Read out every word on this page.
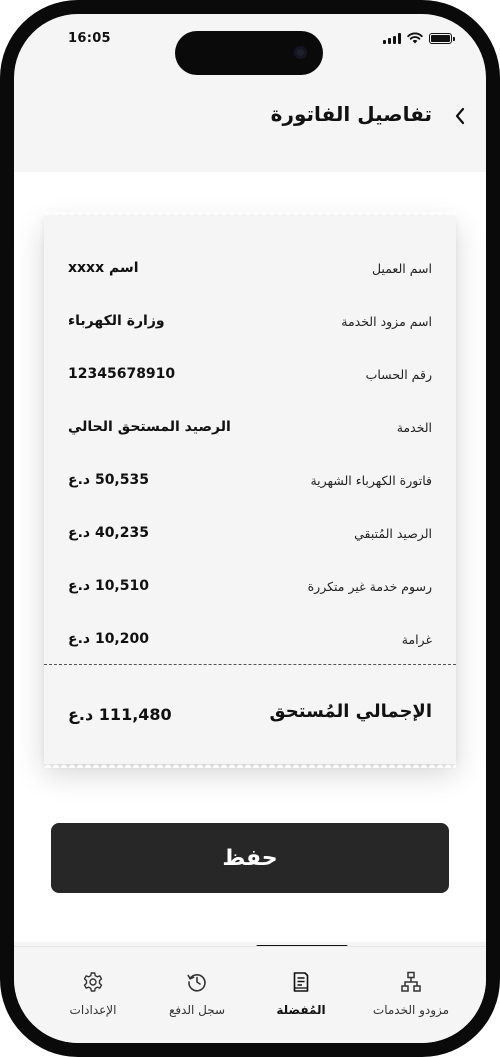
16:05
تفاصيل الفاتورة
اسم العميل
اسم xxxx
اسم مزود الخدمة
وزارة الكهرباء
رقم الحساب
12345678910
الخدمة
الرصيد المستحق الحالي
فاتورة الكهرباء الشهرية
50,535 د.ع
الرصيد المُتبقي
40,235 د.ع
رسوم خدمة غير متكررة
10,510 د.ع
غرامة
10,200 د.ع
الإجمالي المُستحق
111,480 د.ع
حفظ
مزودو الخدمات
المُفضلة
سجل الدفع
الإعدادات
